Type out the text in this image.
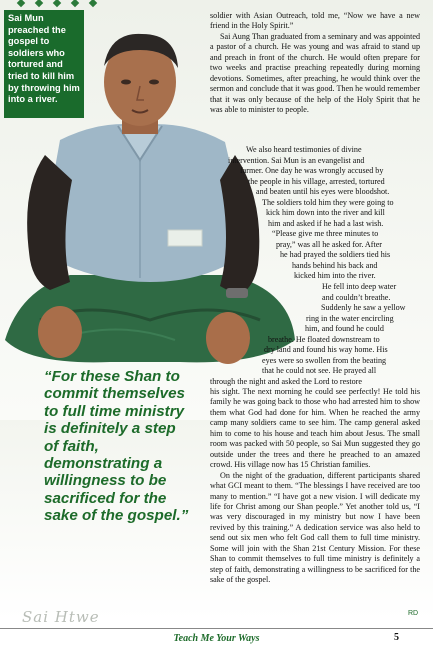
Sai Mun preached the gospel to soldiers who tortured and tried to kill him by throwing him into a river.

soldier with Asian Outreach, told me, “Now we have a new friend in the Holy Spirit.”

Sai Aung Than graduated from a seminary and was appointed a pastor of a church. He was young and was afraid to stand up and preach in front of the church. He would often prepare for two weeks and practise preaching repeatedly during morning devotions. Sometimes, after preaching, he would think over the sermon and conclude that it was good. Then he would remember that it was only because of the help of the Holy Spirit that he was able to minister to people.

We also heard testimonies of divine
intervention. Sai Mun is an evangelist and
farmer. One day he was wrongly accused by
the people in his village, arrested, tortured
and beaten until his eyes were bloodshot.
The soldiers told him they were going to
kick him down into the river and kill
him and asked if he had a last wish.
“Please give me three minutes to
pray,” was all he asked for. After
he had prayed the soldiers tied his
hands behind his back and
kicked him into the river.
He fell into deep water
and couldn’t breathe.
Suddenly he saw a yellow
ring in the water encircling
him, and found he could
breathe. He floated downstream to
dry land and found his way home. His
eyes were so swollen from the beating
that he could not see. He prayed all
through the night and asked the Lord to restore

his sight. The next morning he could see perfectly! He told his family he was going back to those who had arrested him to show them what God had done for him. When he reached the army camp many soldiers came to see him. The camp general asked him to come to his house and teach him about Jesus. The small room was packed with 50 people, so Sai Mun suggested they go outside under the trees and there he preached to an amazed crowd. His village now has 15 Christian families.

On the night of the graduation, different participants shared what GCI meant to them. “The blessings I have received are too many to mention.” “I have got a new vision. I will dedicate my life for Christ among our Shan people.” Yet another told us, “I was very discouraged in my ministry but now I have been revived by this training.” A dedication service was also held to send out six men who felt God call them to full time ministry. Some will join with the Shan 21st Century Mission. For these Shan to commit themselves to full time ministry is definitely a step of faith, demonstrating a willingness to be sacrificed for the sake of the gospel.

“For these Shan to commit themselves to full time ministry is definitely a step of faith, demonstrating a willingness to be sacrificed for the sake of the gospel.”
Sai Htwe	RD
Teach Me Your Ways	5
